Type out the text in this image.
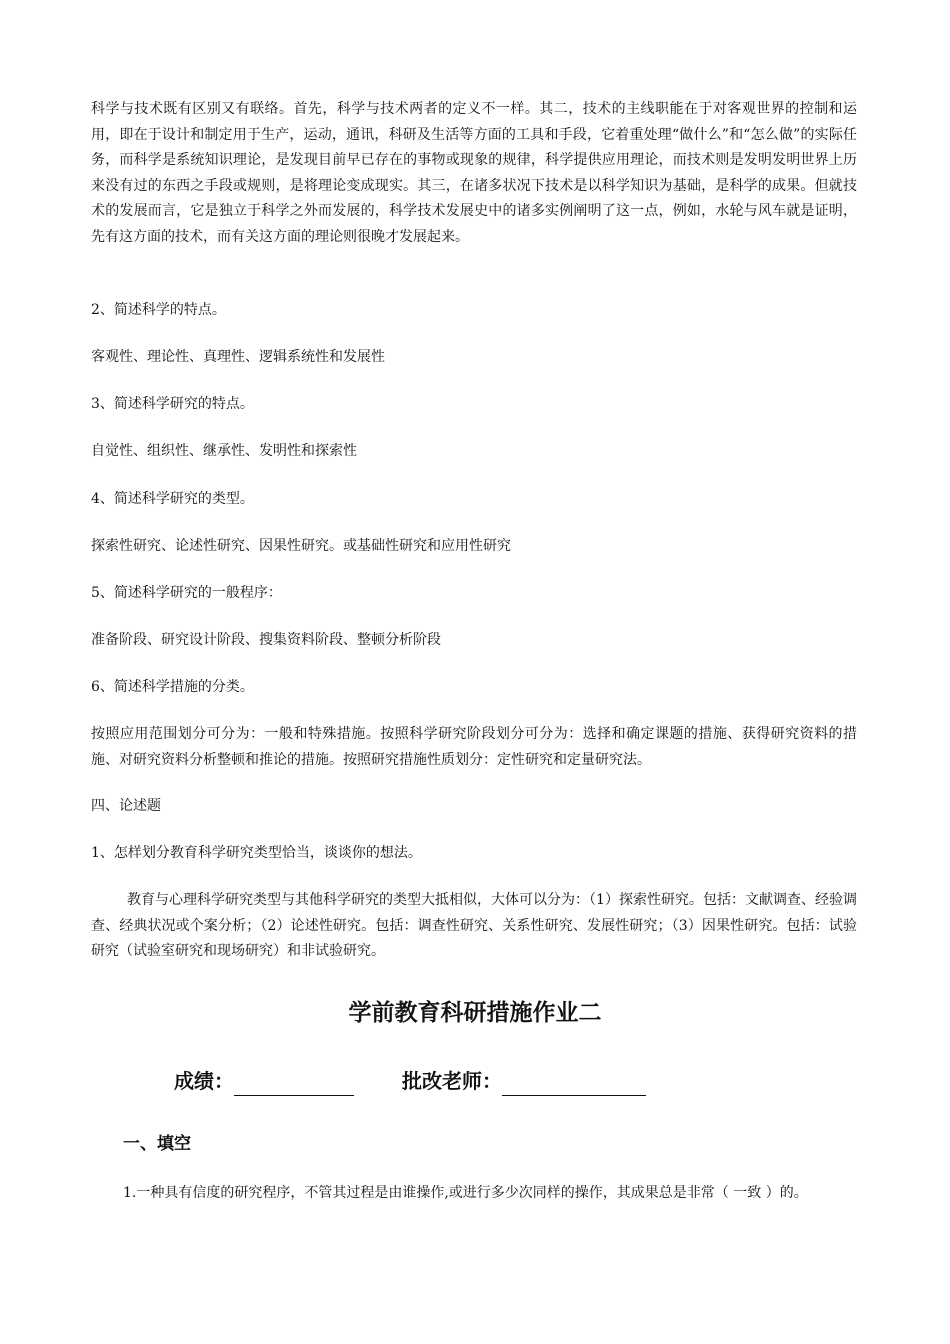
科学与技术既有区别又有联络。首先，科学与技术两者的定义不一样。其二，技术的主线职能在于对客观世界的控制和运用，即在于设计和制定用于生产，运动，通讯，科研及生活等方面的工具和手段，它着重处理“做什么”和“怎么做”的实际任务，而科学是系统知识理论，是发现目前早已存在的事物或现象的规律，科学提供应用理论，而技术则是发明发明世界上历来没有过的东西之手段或规则，是将理论变成现实。其三，在诸多状况下技术是以科学知识为基础，是科学的成果。但就技术的发展而言，它是独立于科学之外而发展的，科学技术发展史中的诸多实例阐明了这一点，例如，水轮与风车就是证明，先有这方面的技术，而有关这方面的理论则很晚才发展起来。

2、简述科学的特点。

客观性、理论性、真理性、逻辑系统性和发展性

3、简述科学研究的特点。

自觉性、组织性、继承性、发明性和探索性

4、简述科学研究的类型。

探索性研究、论述性研究、因果性研究。或基础性研究和应用性研究

5、简述科学研究的一般程序：

准备阶段、研究设计阶段、搜集资料阶段、整顿分析阶段

6、简述科学措施的分类。

按照应用范围划分可分为：一般和特殊措施。按照科学研究阶段划分可分为：选择和确定课题的措施、获得研究资料的措施、对研究资料分析整顿和推论的措施。按照研究措施性质划分：定性研究和定量研究法。

四、论述题

1、怎样划分教育科学研究类型恰当，谈谈你的想法。

教育与心理科学研究类型与其他科学研究的类型大抵相似，大体可以分为：（1）探索性研究。包括：文献调查、经验调查、经典状况或个案分析；（2）论述性研究。包括：调查性研究、关系性研究、发展性研究；（3）因果性研究。包括：试验研究（试验室研究和现场研究）和非试验研究。

学前教育科研措施作业二
成绩：	批改老师：
一、填空

1.一种具有信度的研究程序，不管其过程是由谁操作,或进行多少次同样的操作，其成果总是非常（ 一致 ）的。
